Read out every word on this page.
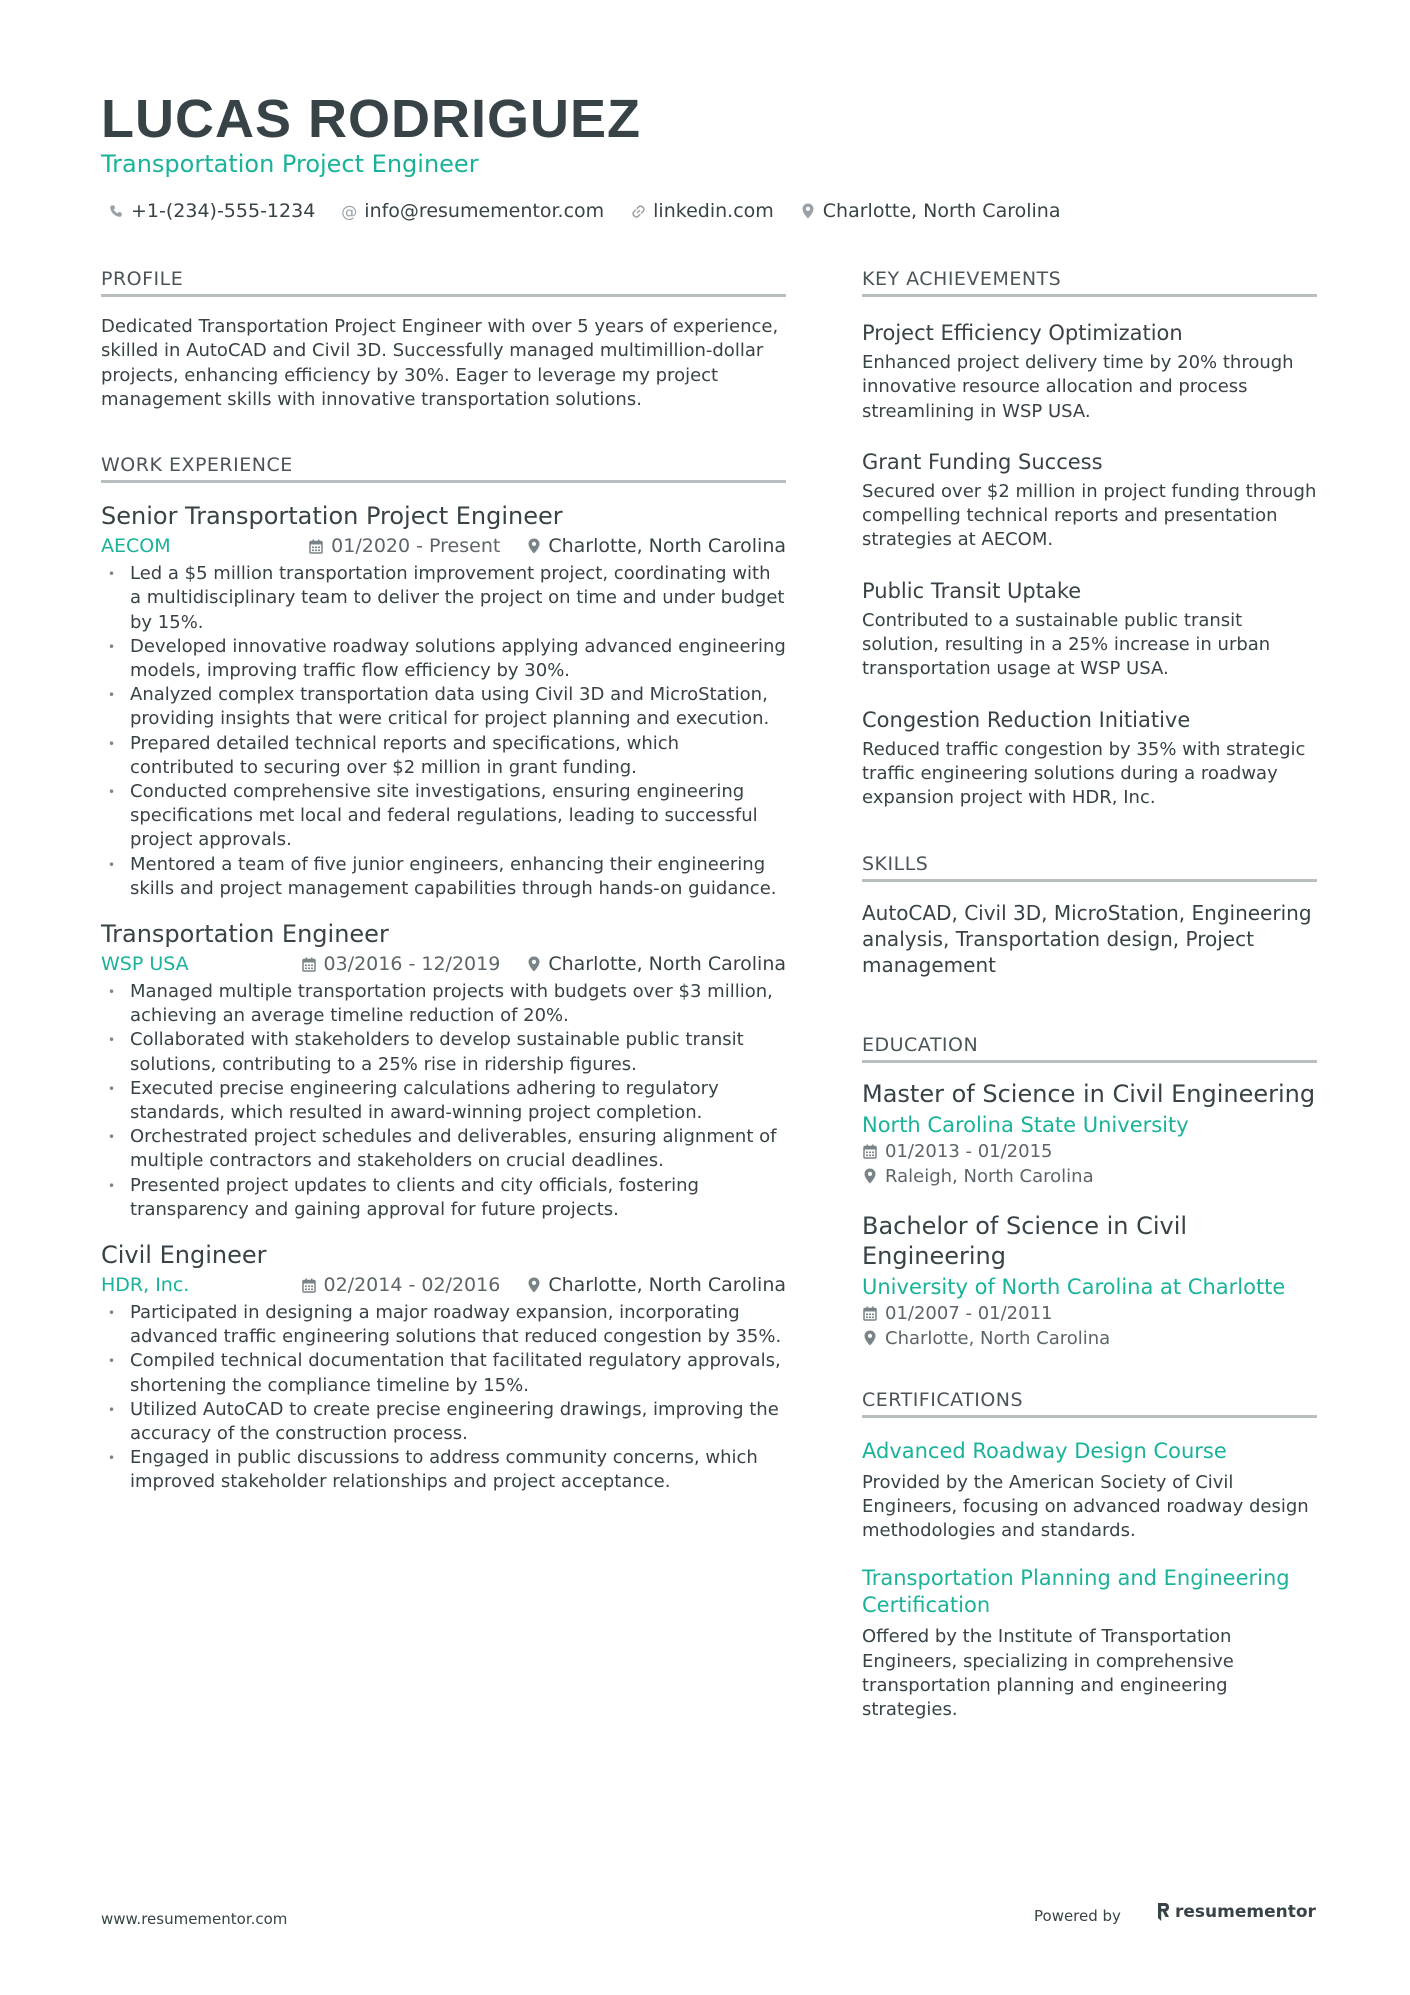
LUCAS RODRIGUEZ
Transportation Project Engineer
+1-(234)-555-1234 @ info@resumementor.com	linkedin.com	Charlotte, North Carolina
PROFILE

Dedicated Transportation Project Engineer with over 5 years of experience, skilled in AutoCAD and Civil 3D. Successfully managed multimillion-dollar projects, enhancing efficiency by 30%. Eager to leverage my project management skills with innovative transportation solutions.

WORK EXPERIENCE
Senior Transportation Project Engineer
AECOM	01/2020 - Present	Charlotte, North Carolina
• Led a $5 million transportation improvement project, coordinating with a multidisciplinary team to deliver the project on time and under budget by 15%.
• Developed innovative roadway solutions applying advanced engineering models, improving traffic flow efficiency by 30%.
• Analyzed complex transportation data using Civil 3D and MicroStation, providing insights that were critical for project planning and execution.
• Prepared detailed technical reports and specifications, which contributed to securing over $2 million in grant funding.
• Conducted comprehensive site investigations, ensuring engineering specifications met local and federal regulations, leading to successful project approvals.
• Mentored a team of five junior engineers, enhancing their engineering skills and project management capabilities through hands-on guidance.
Transportation Engineer
WSP USA	03/2016 - 12/2019	Charlotte, North Carolina
• Managed multiple transportation projects with budgets over $3 million, achieving an average timeline reduction of 20%.
• Collaborated with stakeholders to develop sustainable public transit solutions, contributing to a 25% rise in ridership figures.
• Executed precise engineering calculations adhering to regulatory standards, which resulted in award-winning project completion.
• Orchestrated project schedules and deliverables, ensuring alignment of multiple contractors and stakeholders on crucial deadlines.
• Presented project updates to clients and city officials, fostering transparency and gaining approval for future projects.
Civil Engineer
HDR, Inc.	02/2014 - 02/2016	Charlotte, North Carolina
• Participated in designing a major roadway expansion, incorporating advanced traffic engineering solutions that reduced congestion by 35%.
• Compiled technical documentation that facilitated regulatory approvals, shortening the compliance timeline by 15%.
• Utilized AutoCAD to create precise engineering drawings, improving the accuracy of the construction process.
• Engaged in public discussions to address community concerns, which improved stakeholder relationships and project acceptance.
KEY ACHIEVEMENTS
Project Efficiency Optimization
Enhanced project delivery time by 20% through innovative resource allocation and process streamlining in WSP USA.
Grant Funding Success
Secured over $2 million in project funding through compelling technical reports and presentation strategies at AECOM.
Public Transit Uptake
Contributed to a sustainable public transit solution, resulting in a 25% increase in urban transportation usage at WSP USA.
Congestion Reduction Initiative
Reduced traffic congestion by 35% with strategic traffic engineering solutions during a roadway expansion project with HDR, Inc.
SKILLS
AutoCAD, Civil 3D, MicroStation, Engineering analysis, Transportation design, Project management
EDUCATION
Master of Science in Civil Engineering
North Carolina State University
01/2013 - 01/2015
Raleigh, North Carolina
Bachelor of Science in Civil Engineering
University of North Carolina at Charlotte
01/2007 - 01/2011
Charlotte, North Carolina
CERTIFICATIONS
Advanced Roadway Design Course
Provided by the American Society of Civil Engineers, focusing on advanced roadway design methodologies and standards.
Transportation Planning and Engineering Certification
Offered by the Institute of Transportation Engineers, specializing in comprehensive transportation planning and engineering strategies.
www.resumementor.com	Powered by	resumementor
